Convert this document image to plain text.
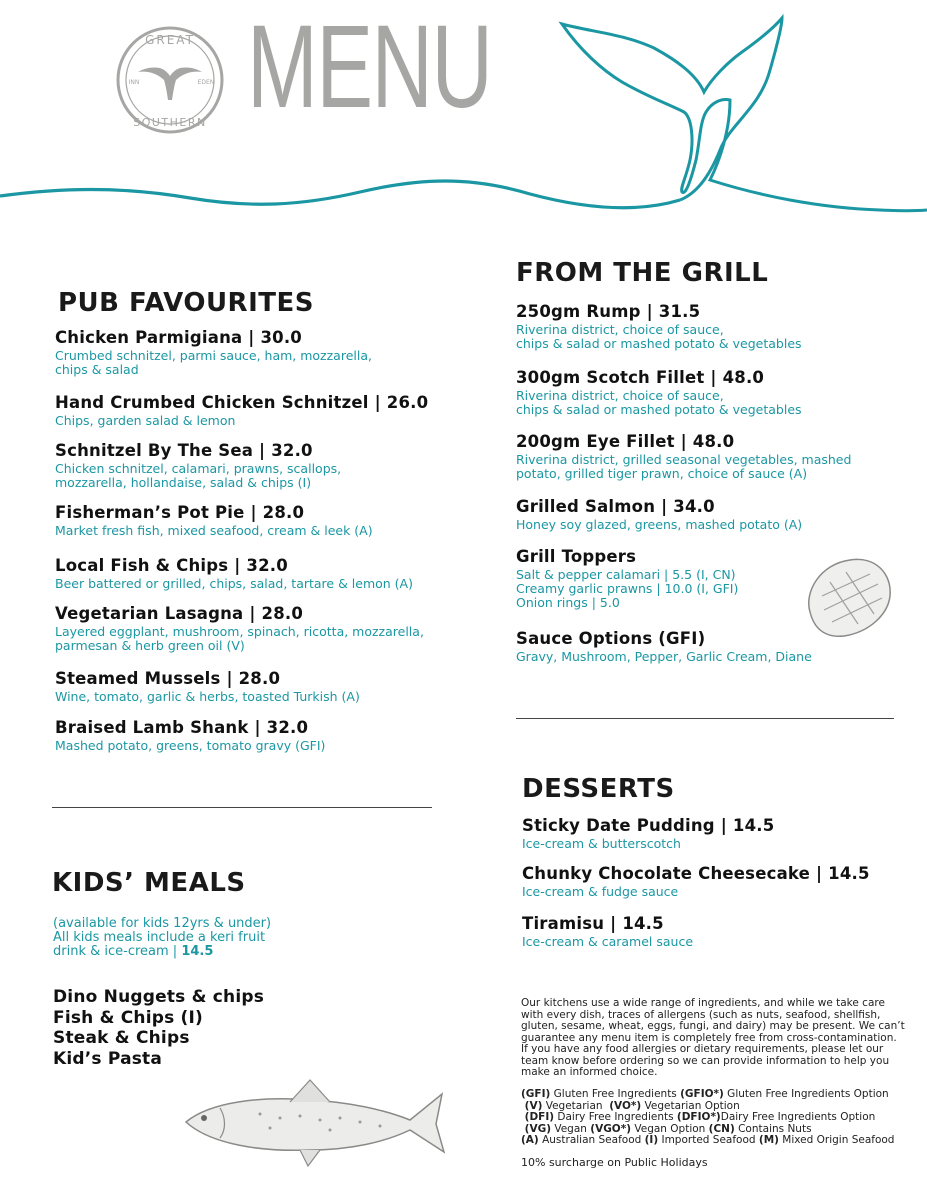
GREAT
SOUTHERN
INN	EDEN MENU
PUB FAVOURITES
Chicken Parmigiana | 30.0
Crumbed schnitzel, parmi sauce, ham, mozzarella,
chips & salad
Hand Crumbed Chicken Schnitzel | 26.0
Chips, garden salad & lemon
Schnitzel By The Sea | 32.0
Chicken schnitzel, calamari, prawns, scallops,
mozzarella, hollandaise, salad & chips (I)
Fisherman’s Pot Pie | 28.0
Market fresh fish, mixed seafood, cream & leek (A)
Local Fish & Chips | 32.0
Beer battered or grilled, chips, salad, tartare & lemon (A)
Vegetarian Lasagna | 28.0
Layered eggplant, mushroom, spinach, ricotta, mozzarella,
parmesan & herb green oil (V)
Steamed Mussels | 28.0
Wine, tomato, garlic & herbs, toasted Turkish (A)
Braised Lamb Shank | 32.0
Mashed potato, greens, tomato gravy (GFI)
KIDS’ MEALS
(available for kids 12yrs & under)
All kids meals include a keri fruit
drink & ice-cream | 14.5
Dino Nuggets & chips
Fish & Chips (I)
Steak & Chips
Kid’s Pasta
FROM THE GRILL
250gm Rump | 31.5
Riverina district, choice of sauce,
chips & salad or mashed potato & vegetables
300gm Scotch Fillet | 48.0
Riverina district, choice of sauce,
chips & salad or mashed potato & vegetables
200gm Eye Fillet | 48.0
Riverina district, grilled seasonal vegetables, mashed
potato, grilled tiger prawn, choice of sauce (A)
Grilled Salmon | 34.0
Honey soy glazed, greens, mashed potato (A)
Grill Toppers
Salt & pepper calamari | 5.5 (I, CN)
Creamy garlic prawns | 10.0 (I, GFI)
Onion rings | 5.0
Sauce Options (GFI)
Gravy, Mushroom, Pepper, Garlic Cream, Diane
DESSERTS
Sticky Date Pudding | 14.5
Ice-cream & butterscotch
Chunky Chocolate Cheesecake | 14.5
Ice-cream & fudge sauce
Tiramisu | 14.5
Ice-cream & caramel sauce
Our kitchens use a wide range of ingredients, and while we take care
with every dish, traces of allergens (such as nuts, seafood, shellfish,
gluten, sesame, wheat, eggs, fungi, and dairy) may be present. We can’t
guarantee any menu item is completely free from cross-contamination.
If you have any food allergies or dietary requirements, please let our
team know before ordering so we can provide information to help you
make an informed choice.
(GFI) Gluten Free Ingredients (GFIO*) Gluten Free Ingredients Option
(V) Vegetarian  (VO*) Vegetarian Option
(DFI) Dairy Free Ingredients (DFIO*)Dairy Free Ingredients Option
(VG) Vegan (VGO*) Vegan Option (CN) Contains Nuts
(A) Australian Seafood (I) Imported Seafood (M) Mixed Origin Seafood
10% surcharge on Public Holidays
